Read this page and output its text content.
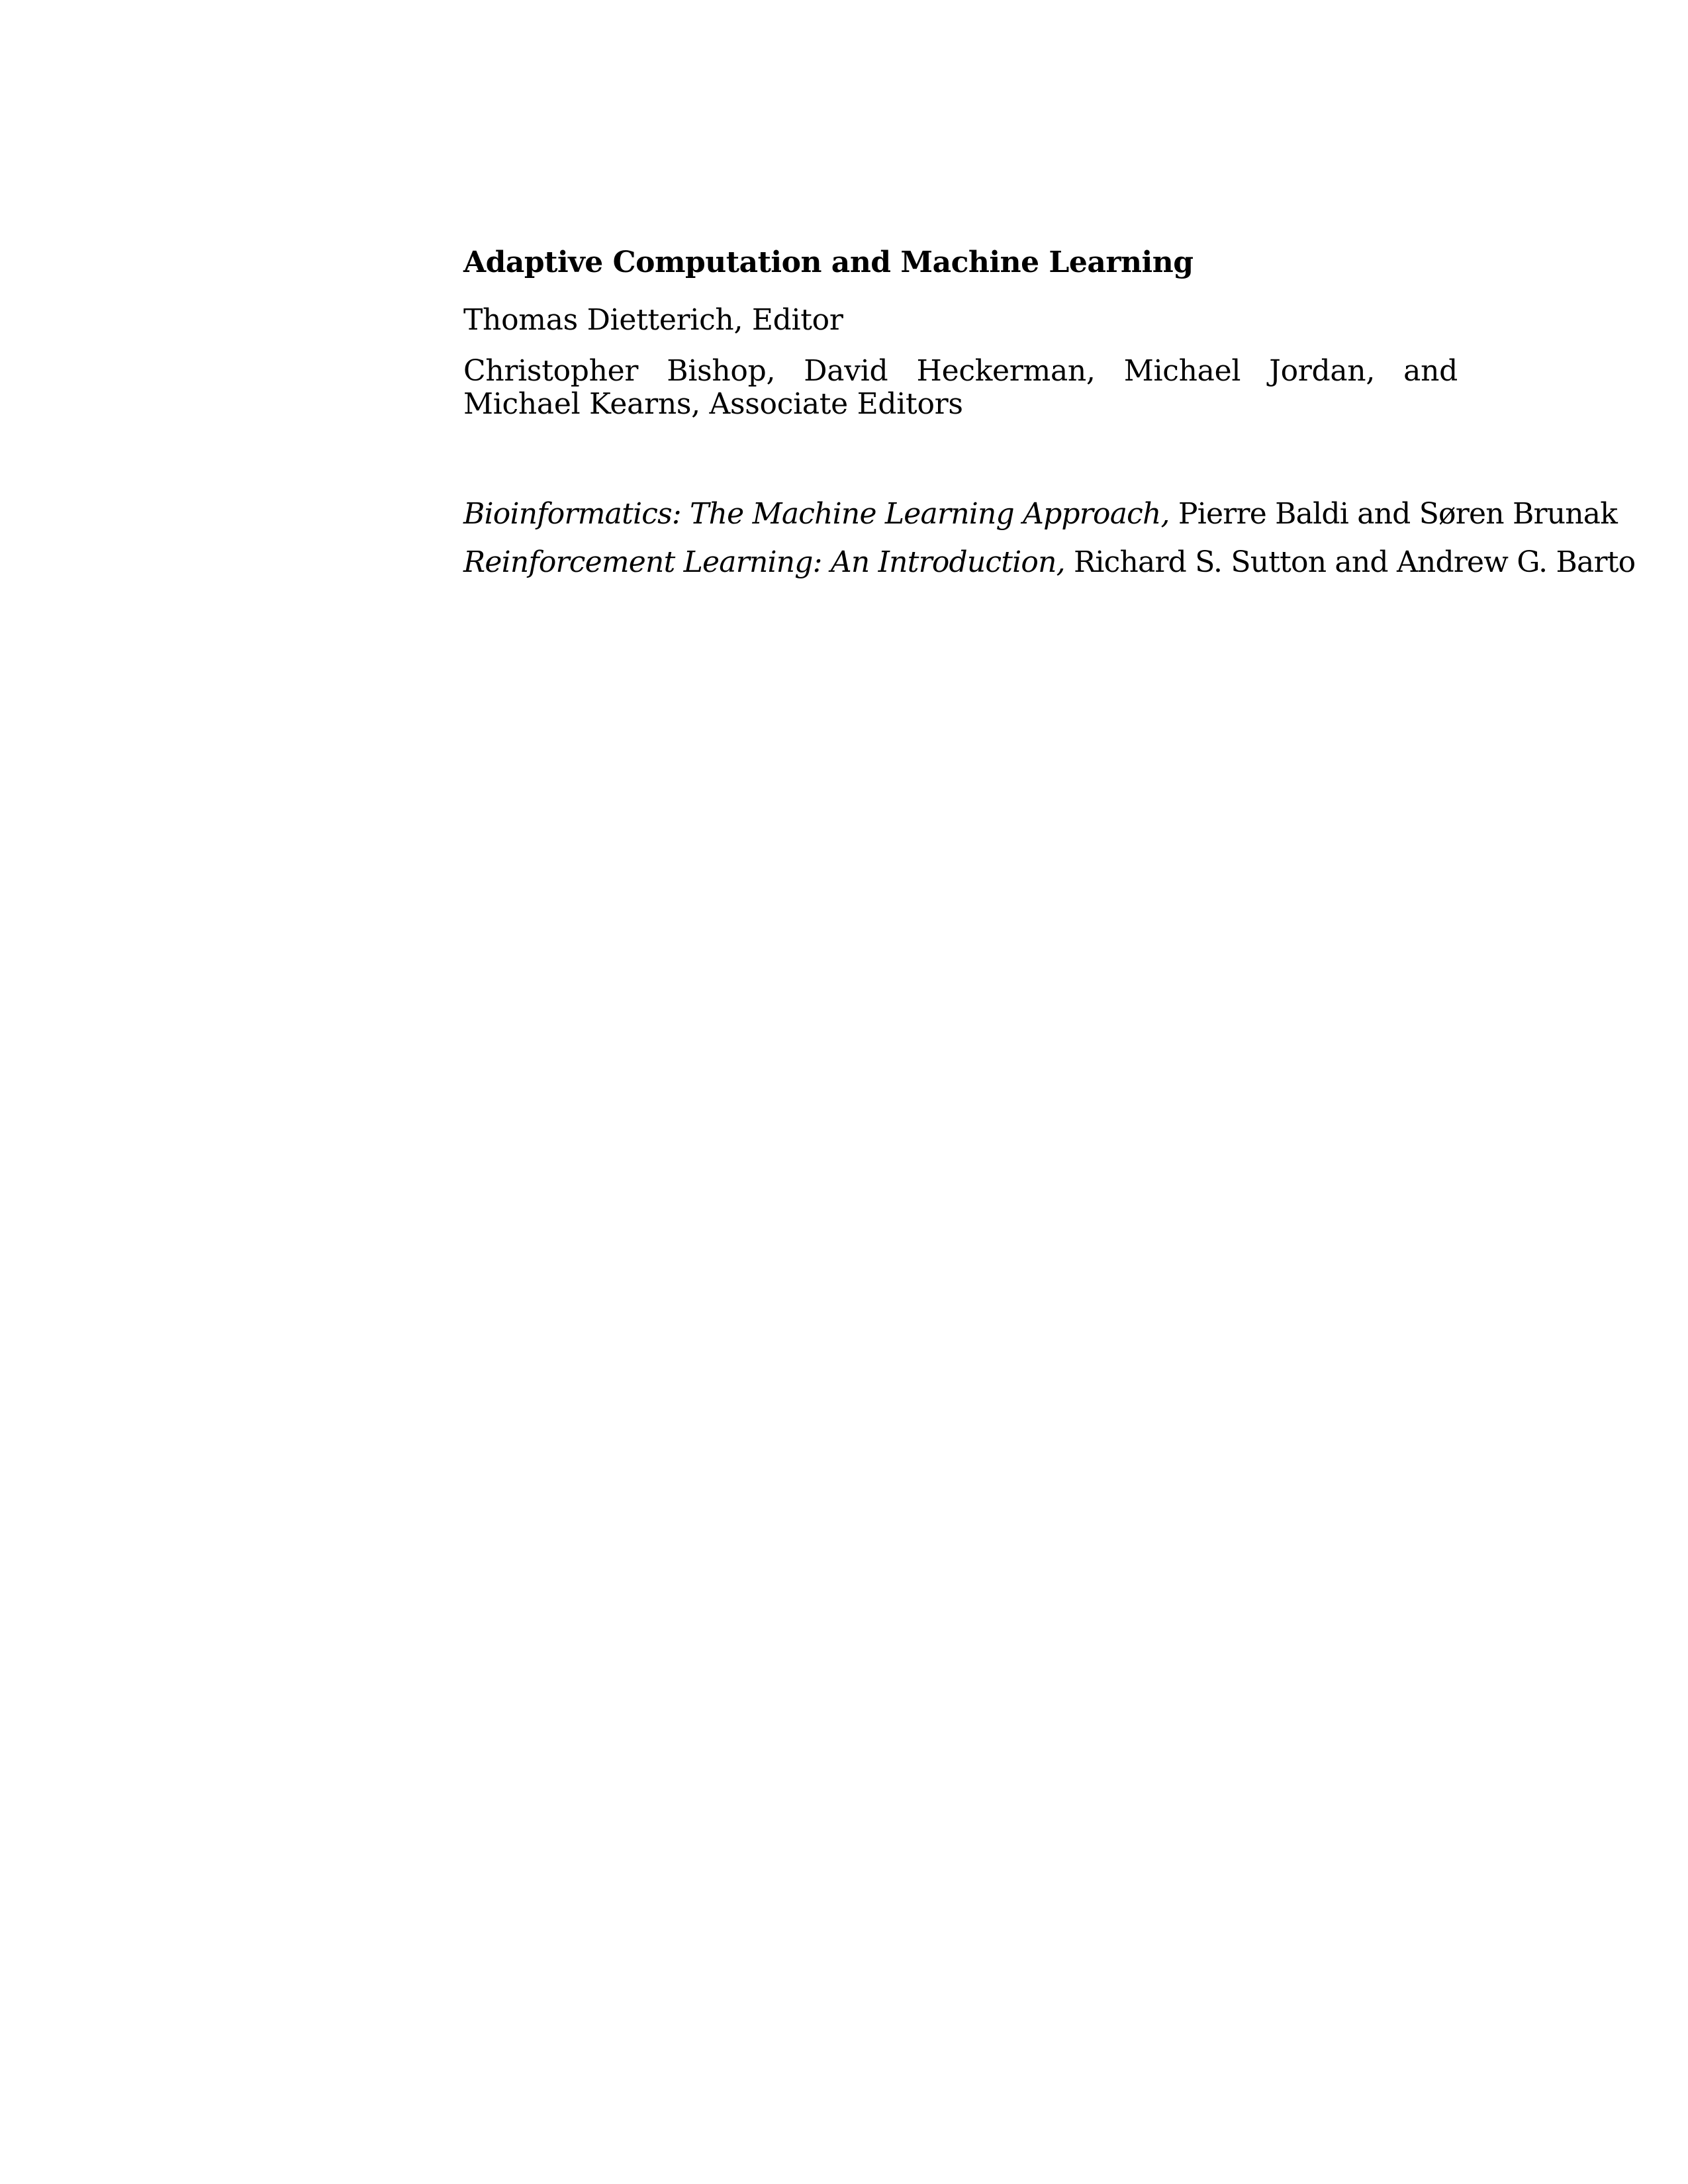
Adaptive Computation and Machine Learning

Thomas Dietterich, Editor

Christopher Bishop, David Heckerman, Michael Jordan, and Michael Kearns, Associate Editors

Bioinformatics: The Machine Learning Approach, Pierre Baldi and Søren Brunak

Reinforcement Learning: An Introduction, Richard S. Sutton and Andrew G. Barto
